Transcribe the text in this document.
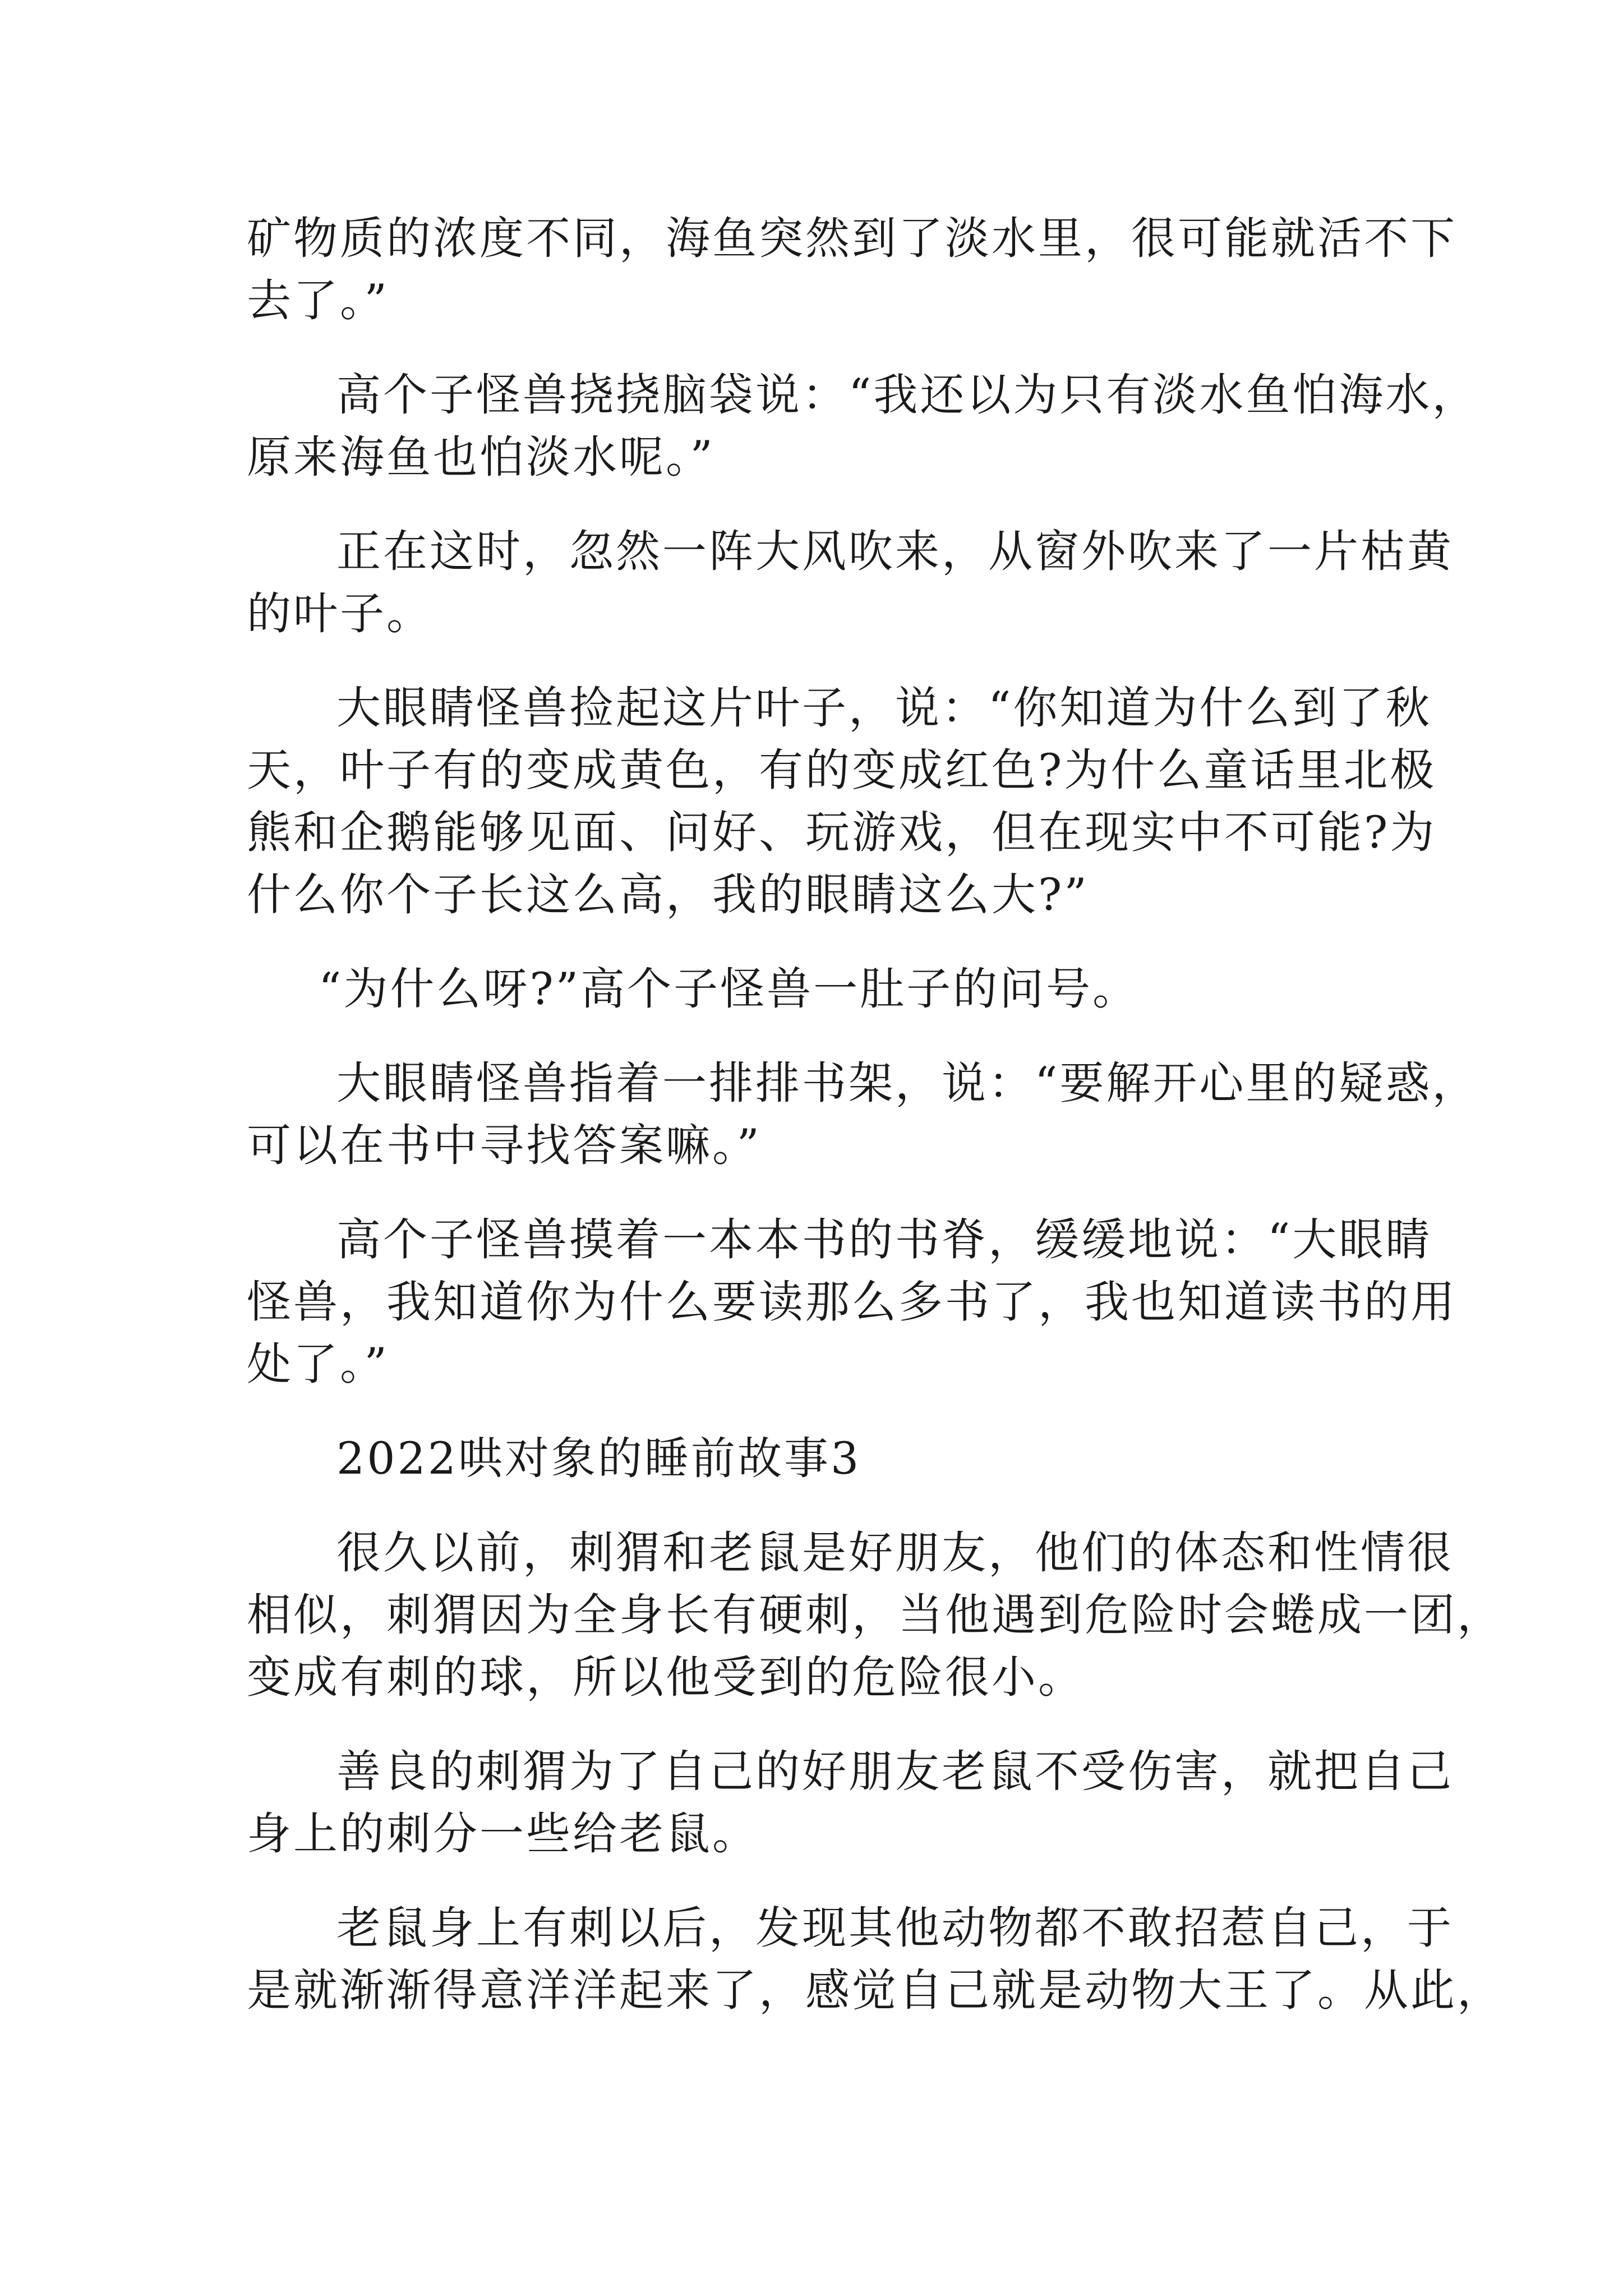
矿物质的浓度不同，海鱼突然到了淡水里，很可能就活不下
去了。”
高个子怪兽挠挠脑袋说：“我还以为只有淡水鱼怕海水，
原来海鱼也怕淡水呢。”
正在这时，忽然一阵大风吹来，从窗外吹来了一片枯黄
的叶子。
大眼睛怪兽捡起这片叶子，说：“你知道为什么到了秋
天，叶子有的变成黄色，有的变成红色?为什么童话里北极
熊和企鹅能够见面、问好、玩游戏，但在现实中不可能?为
什么你个子长这么高，我的眼睛这么大?”
“为什么呀?”高个子怪兽一肚子的问号。
大眼睛怪兽指着一排排书架，说：“要解开心里的疑惑，
可以在书中寻找答案嘛。”
高个子怪兽摸着一本本书的书脊，缓缓地说：“大眼睛
怪兽，我知道你为什么要读那么多书了，我也知道读书的用
处了。”
2022哄对象的睡前故事3
很久以前，刺猬和老鼠是好朋友，他们的体态和性情很
相似，刺猬因为全身长有硬刺，当他遇到危险时会蜷成一团，
变成有刺的球，所以他受到的危险很小。
善良的刺猬为了自己的好朋友老鼠不受伤害，就把自己
身上的刺分一些给老鼠。
老鼠身上有刺以后，发现其他动物都不敢招惹自己，于
是就渐渐得意洋洋起来了，感觉自己就是动物大王了。从此，
